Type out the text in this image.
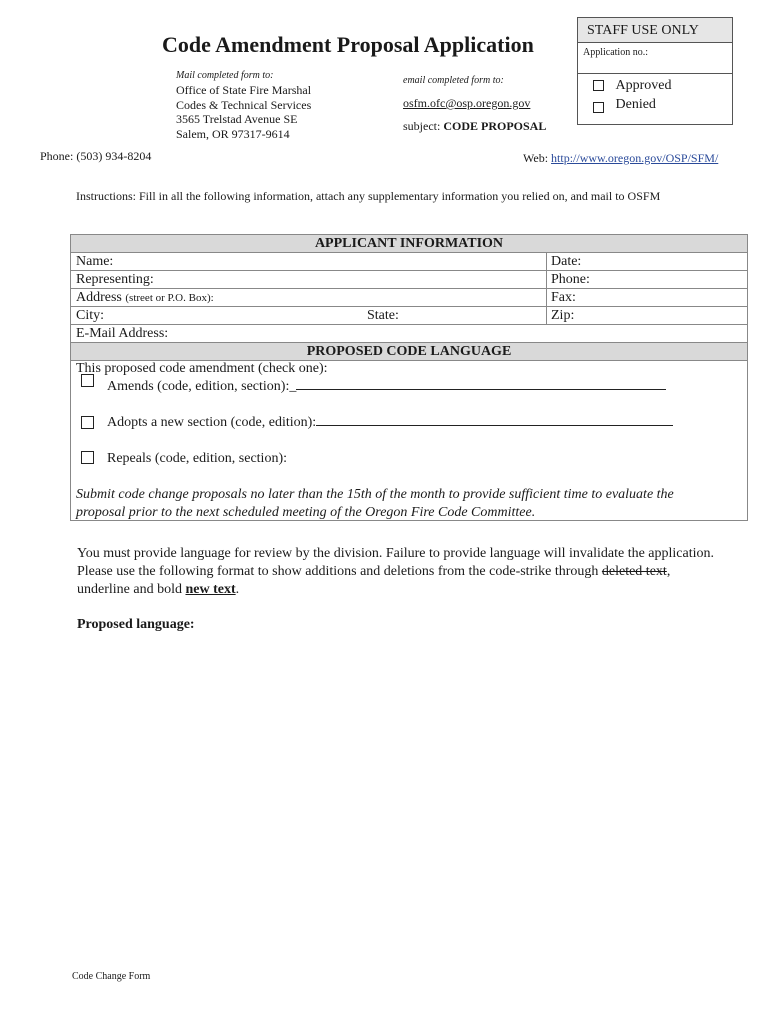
Code Amendment Proposal Application
Mail completed form to:
Office of State Fire Marshal
Codes & Technical Services
3565 Trelstad Avenue SE
Salem, OR 97317-9614
email completed form to:
osfm.ofc@osp.oregon.gov
subject: CODE PROPOSAL
STAFF USE ONLY
Application no.:
Approved
Denied
Phone: (503) 934-8204	Web: http://www.oregon.gov/OSP/SFM/
Instructions: Fill in all the following information, attach any supplementary information you relied on, and mail to OSFM
APPLICANT INFORMATION
Name:	Date:
Representing:	Phone:
Address (street or P.O. Box):	Fax:
City:	State:	Zip:
E-Mail Address:
PROPOSED CODE LANGUAGE
This proposed code amendment (check one):
Amends (code, edition, section):_
Adopts a new section (code, edition):
Repeals (code, edition, section):
Submit code change proposals no later than the 15th of the month to provide sufficient time to evaluate the
proposal prior to the next scheduled meeting of the Oregon Fire Code Committee.
You must provide language for review by the division. Failure to provide language will invalidate the application. Please use the following format to show additions and deletions from the code-strike through deleted text, underline and bold new text.
Proposed language:
Code Change Form
